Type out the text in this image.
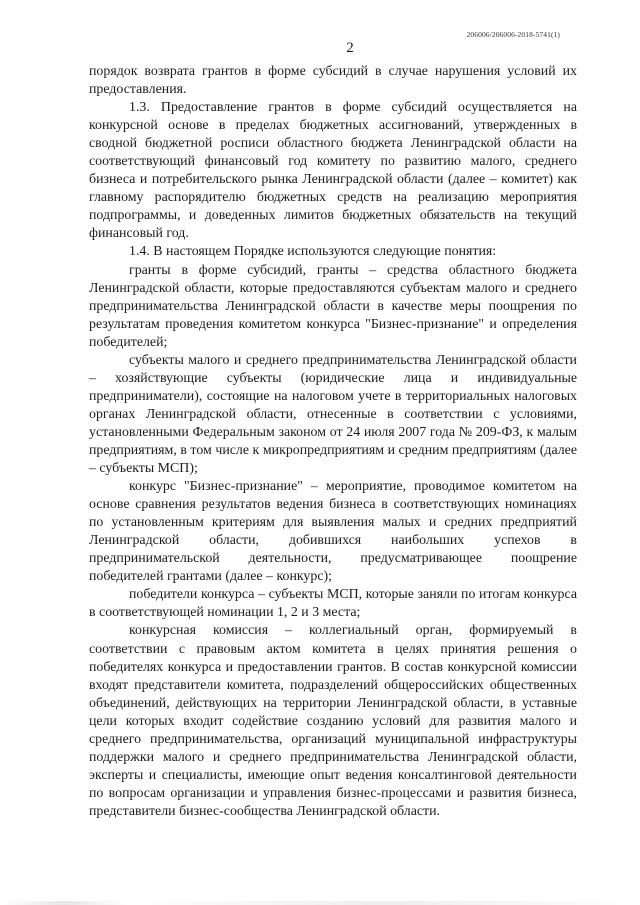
206006/206006-2018-5741(1)
2

порядок возврата грантов в форме субсидий в случае нарушения условий их предоставления.

1.3. Предоставление грантов в форме субсидий осуществляется на конкурсной основе в пределах бюджетных ассигнований, утвержденных в сводной бюджетной росписи областного бюджета Ленинградской области на соответствующий финансовый год комитету по развитию малого, среднего бизнеса и потребительского рынка Ленинградской области (далее – комитет) как главному распорядителю бюджетных средств на реализацию мероприятия подпрограммы, и доведенных лимитов бюджетных обязательств на текущий финансовый год.

1.4. В настоящем Порядке используются следующие понятия:

гранты в форме субсидий, гранты – средства областного бюджета Ленинградской области, которые предоставляются субъектам малого и среднего предпринимательства Ленинградской области в качестве меры поощрения по результатам проведения комитетом конкурса "Бизнес-признание" и определения победителей;

субъекты малого и среднего предпринимательства Ленинградской области – хозяйствующие субъекты (юридические лица и индивидуальные предприниматели), состоящие на налоговом учете в территориальных налоговых органах Ленинградской области, отнесенные в соответствии с условиями, установленными Федеральным законом от 24 июля 2007 года № 209-ФЗ, к малым предприятиям, в том числе к микропредприятиям и средним предприятиям (далее – субъекты МСП);

конкурс "Бизнес-признание" – мероприятие, проводимое комитетом на основе сравнения результатов ведения бизнеса в соответствующих номинациях по установленным критериям для выявления малых и средних предприятий Ленинградской области, добившихся наибольших успехов в предпринимательской деятельности, предусматривающее поощрение победителей грантами (далее – конкурс);

победители конкурса – субъекты МСП, которые заняли по итогам конкурса в соответствующей номинации 1, 2 и 3 места;

конкурсная комиссия – коллегиальный орган, формируемый в соответствии с правовым актом комитета в целях принятия решения о победителях конкурса и предоставлении грантов. В состав конкурсной комиссии входят представители комитета, подразделений общероссийских общественных объединений, действующих на территории Ленинградской области, в уставные цели которых входит содействие созданию условий для развития малого и среднего предпринимательства, организаций муниципальной инфраструктуры поддержки малого и среднего предпринимательства Ленинградской области, эксперты и специалисты, имеющие опыт ведения консалтинговой деятельности по вопросам организации и управления бизнес-процессами и развития бизнеса, представители бизнес-сообщества Ленинградской области.
